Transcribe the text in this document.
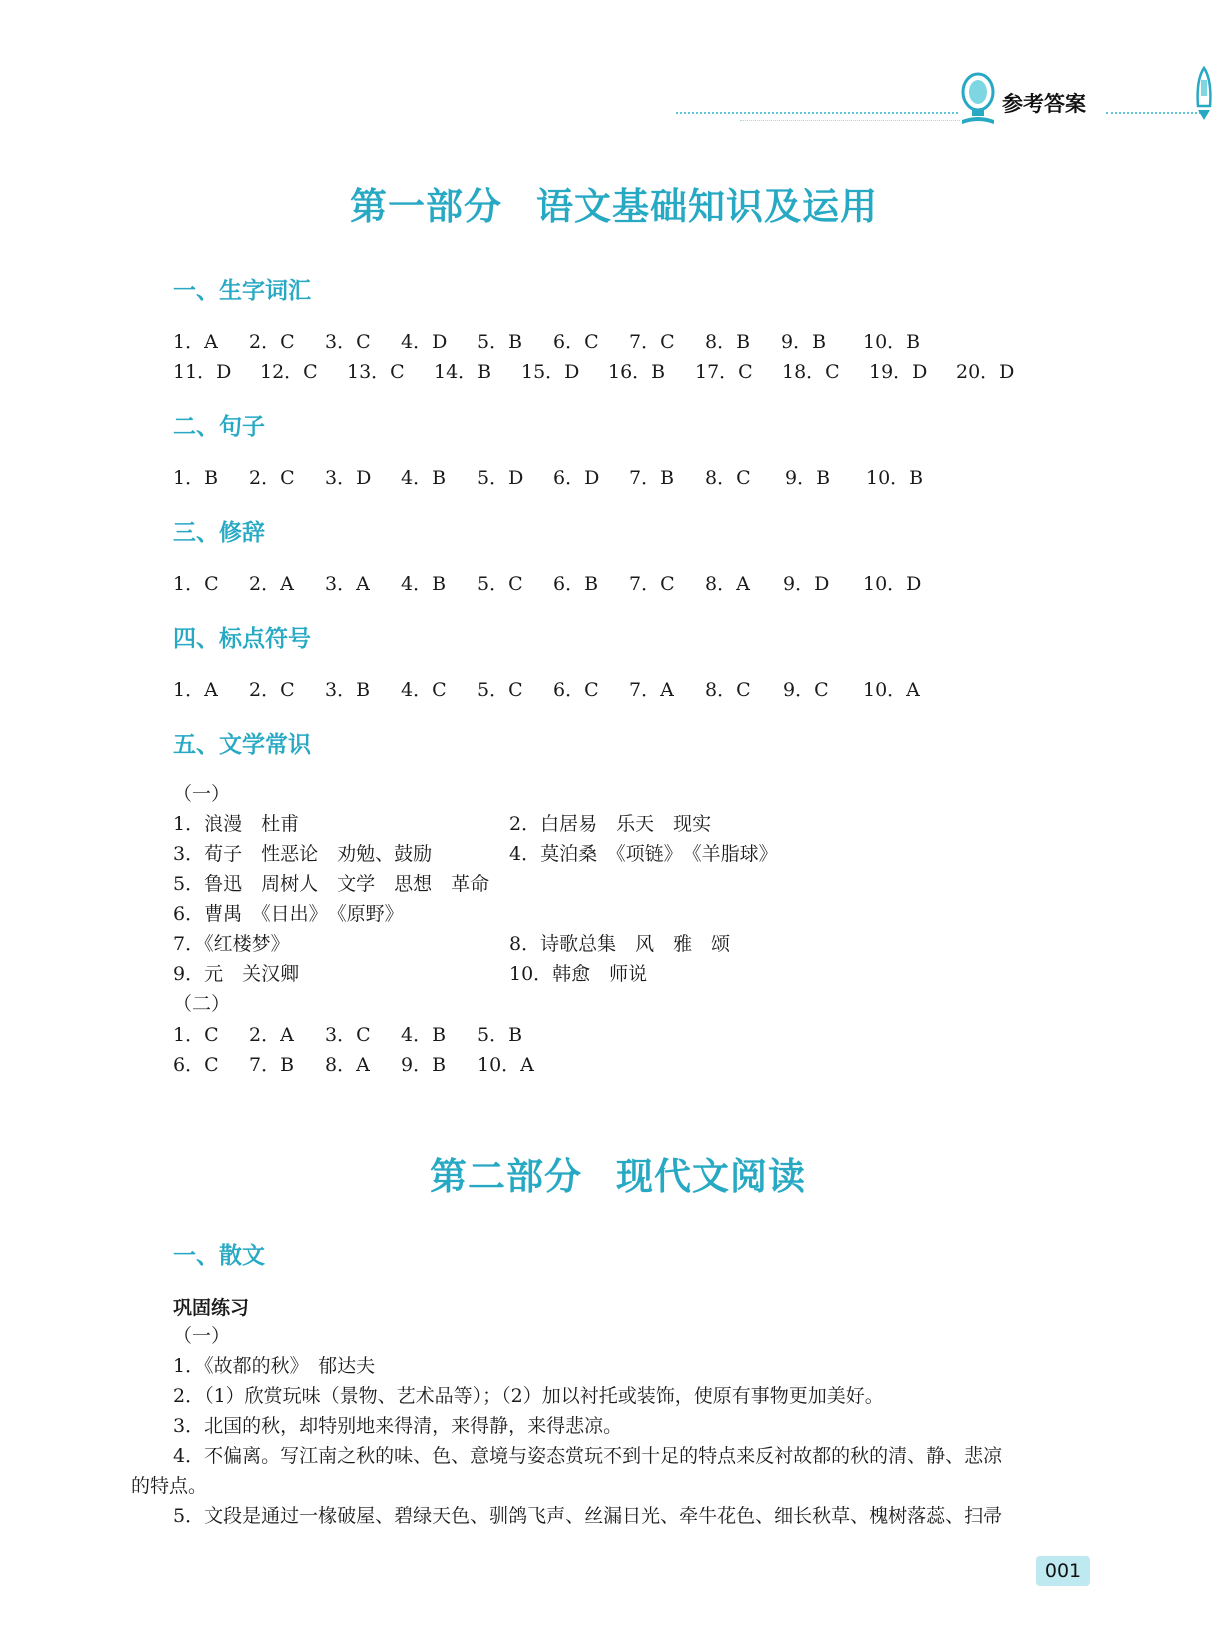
参考答案
第一部分 语文基础知识及运用
一、生字词汇
1．A 2．C 3．C 4．D 5．B 6．C 7．C 8．B 9．B 10．B
11．D 12．C 13．C 14．B 15．D 16．B 17．C 18．C 19．D 20．D
二、句子
1．B 2．C 3．D 4．B 5．D 6．D 7．B 8．C 9．B 10．B
三、修辞
1．C 2．A 3．A 4．B 5．C 6．B 7．C 8．A 9．D 10．D
四、标点符号
1．A 2．C 3．B 4．C 5．C 6．C 7．A 8．C 9．C 10．A
五、文学常识
（一）
1．浪漫　杜甫	2．白居易　乐天　现实
3．荀子　性恶论　劝勉、鼓励	4．莫泊桑　《项链》　《羊脂球》
5．鲁迅　周树人　文学　思想　革命
6．曹禺　《日出》　《原野》
7．《红楼梦》	8．诗歌总集　风　雅　颂
9．元　关汉卿	10．韩愈　师说
（二）
1．C 2．A 3．C 4．B 5．B
6．C 7．B 8．A 9．B 10．A
第二部分 现代文阅读
一、散文
巩固练习
（一）
1．《故都的秋》　郁达夫
2．（1）欣赏玩味（景物、艺术品等）；（2）加以衬托或装饰，使原有事物更加美好。
3．北国的秋，却特别地来得清，来得静，来得悲凉。
4．不偏离。写江南之秋的味、色、意境与姿态赏玩不到十足的特点来反衬故都的秋的清、静、悲凉
的特点。
5．文段是通过一椽破屋、碧绿天色、驯鸽飞声、丝漏日光、牵牛花色、细长秋草、槐树落蕊、扫帚
001
